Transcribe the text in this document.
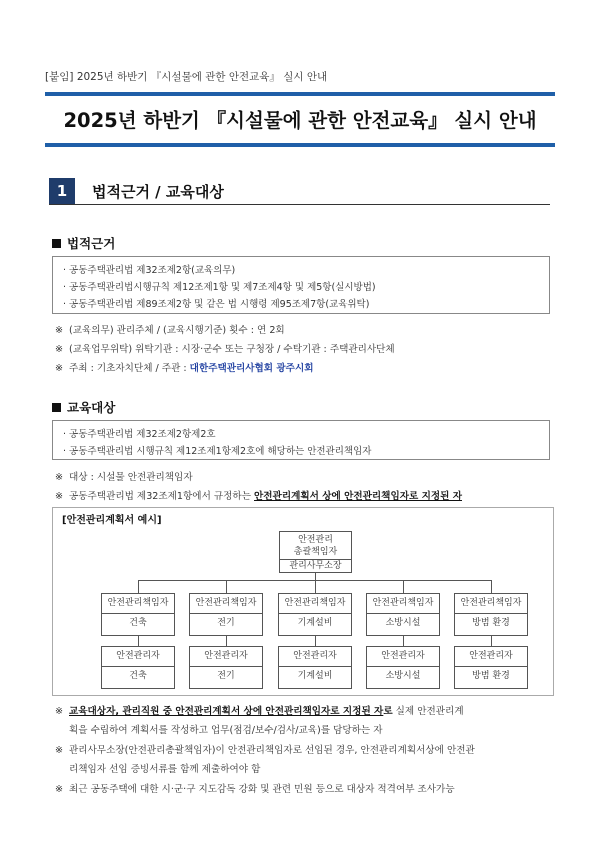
[붙임] 2025년 하반기 『시설물에 관한 안전교육』 실시 안내
2025년 하반기 『시설물에 관한 안전교육』 실시 안내
1	법적근거 / 교육대상
법적근거
· 공동주택관리법 제32조제2항(교육의무)
· 공동주택관리법시행규칙 제12조제1항 및 제7조제4항 및 제5항(실시방법)
· 공동주택관리법 제89조제2항 및 같은 법 시행령 제95조제7항(교육위탁)
※ (교육의무) 관리주체 / (교육시행기준) 횟수 : 연 2회
※ (교육업무위탁) 위탁기관 : 시장·군수 또는 구청장 / 수탁기관 : 주택관리사단체
※ 주최 : 기초자치단체 / 주관 : 대한주택관리사협회 광주시회
교육대상
· 공동주택관리법 제32조제2항제2호
· 공동주택관리법 시행규칙 제12조제1항제2호에 해당하는 안전관리책임자
※ 대상 : 시설물 안전관리책임자
※ 공동주택관리법 제32조제1항에서 규정하는 안전관리계획서 상에 안전관리책임자로 지정된 자
[안전관리계획서 예시]
안전관리
총괄책임자
관리사무소장
안전관리책임자
건축
안전관리책임자
전기
안전관리책임자
기계설비
안전관리책임자
소방시설
안전관리책임자
방범 환경
안전관리자
건축
안전관리자
전기
안전관리자
기계설비
안전관리자
소방시설
안전관리자
방범 환경
※ 교육대상자, 관리직원 중 안전관리계획서 상에 안전관리책임자로 지정된 자로 실제 안전관리계
획을 수립하여 계획서를 작성하고 업무(점검/보수/검사/교육)를 담당하는 자
※ 관리사무소장(안전관리총괄책임자)이 안전관리책임자로 선임된 경우, 안전관리계획서상에 안전관
리책임자 선임 증빙서류를 함께 제출하여야 함
※ 최근 공동주택에 대한 시·군·구 지도감독 강화 및 관련 민원 등으로 대상자 적격여부 조사가능
